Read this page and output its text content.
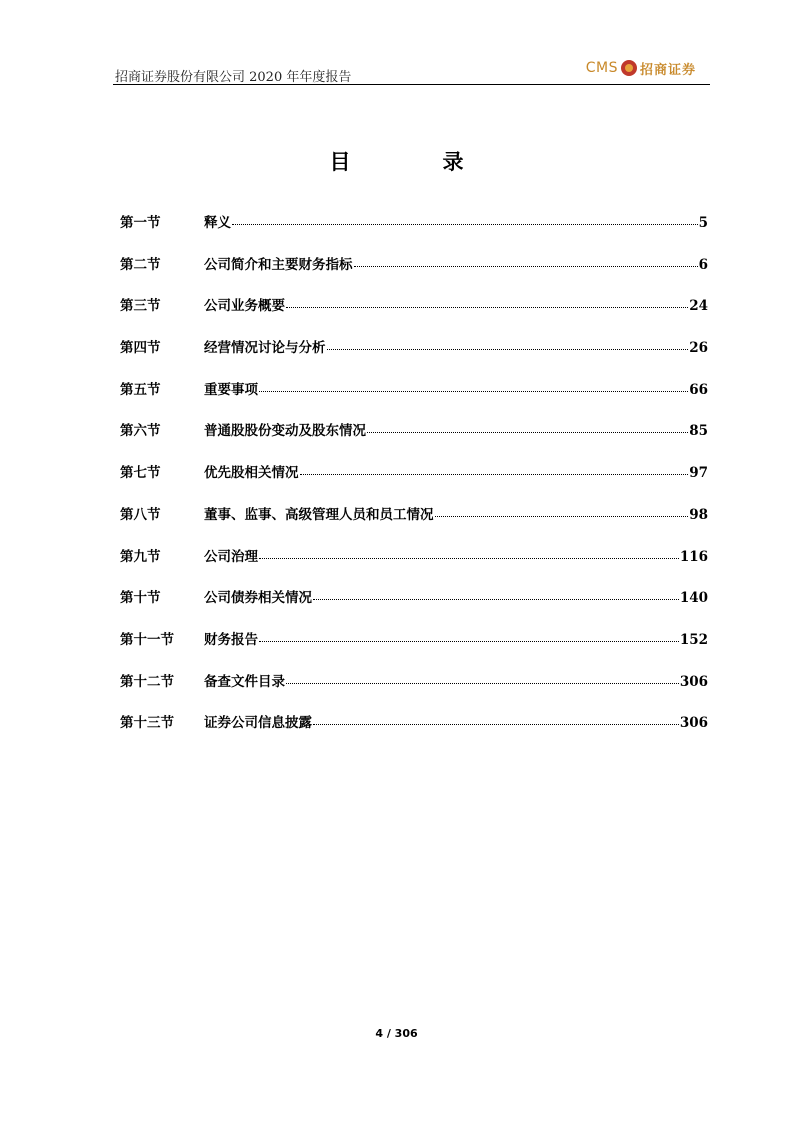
招商证券股份有限公司 2020 年年度报告
CMS 招商证券
目	录
第一节	释义	5
第二节	公司简介和主要财务指标	6
第三节	公司业务概要	24
第四节	经营情况讨论与分析	26
第五节	重要事项	66
第六节	普通股股份变动及股东情况	85
第七节	优先股相关情况	97
第八节	董事、监事、高级管理人员和员工情况	98
第九节	公司治理	116
第十节	公司债券相关情况	140
第十一节	财务报告	152
第十二节	备查文件目录	306
第十三节	证券公司信息披露	306
4 / 306
